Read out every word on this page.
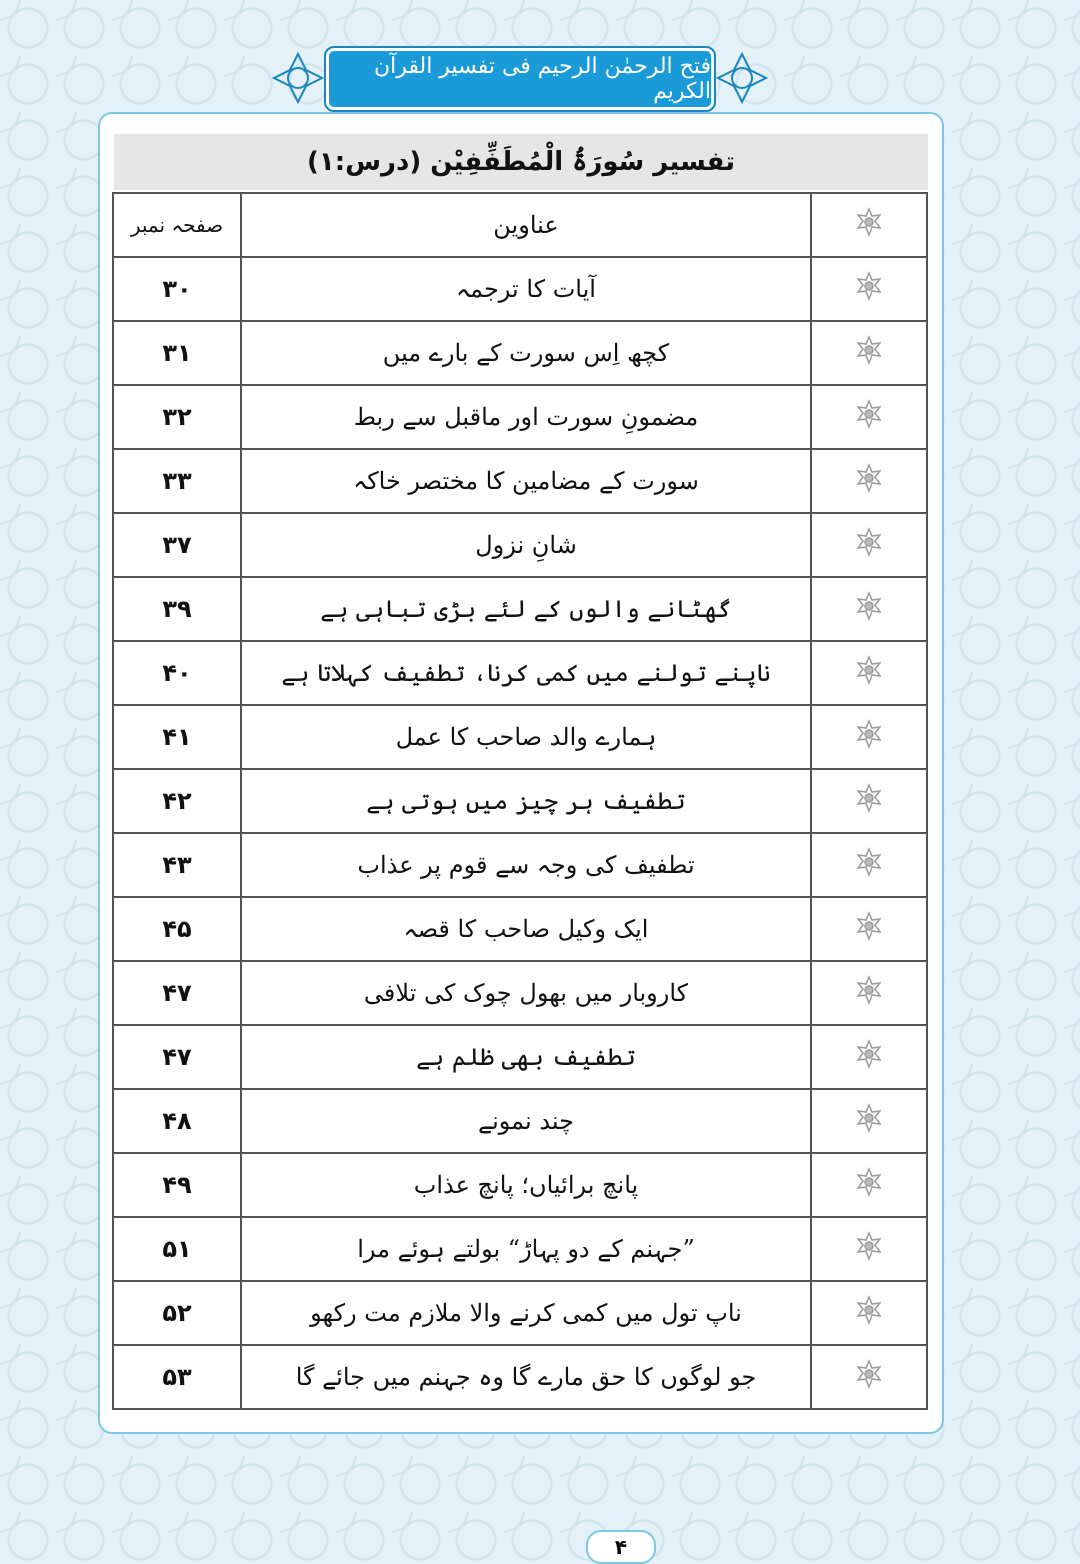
فتح الرحمٰن الرحیم فی تفسیر القرآن الکریم
تفسیر سُورَۃُ الْمُطَفِّفِیْن (درس:۱)
	عناوین	صفحہ نمبر
	آیات کا ترجمہ	۳۰
	کچھ اِس سورت کے بارے میں	۳۱
	مضمونِ سورت اور ماقبل سے ربط	۳۲
	سورت کے مضامین کا مختصر خاکہ	۳۳
	شانِ نزول	۳۷
	گھٹانے والوں کے لئے بڑی تباہی ہے	۳۹
	ناپنے تولنے میں کمی کرنا، تطفیف کہلاتا ہے	۴۰
	ہمارے والد صاحب کا عمل	۴۱
	تطفیف ہر چیز میں ہوتی ہے	۴۲
	تطفیف کی وجہ سے قوم پر عذاب	۴۳
	ایک وکیل صاحب کا قصہ	۴۵
	کاروبار میں بھول چوک کی تلافی	۴۷
	تطفیف بھی ظلم ہے	۴۷
	چند نمونے	۴۸
	پانچ برائیاں؛ پانچ عذاب	۴۹
	”جہنم کے دو پہاڑ“ بولتے ہوئے مرا	۵۱
	ناپ تول میں کمی کرنے والا ملازم مت رکھو	۵۲
	جو لوگوں کا حق مارے گا وہ جہنم میں جائے گا	۵۳
۴
